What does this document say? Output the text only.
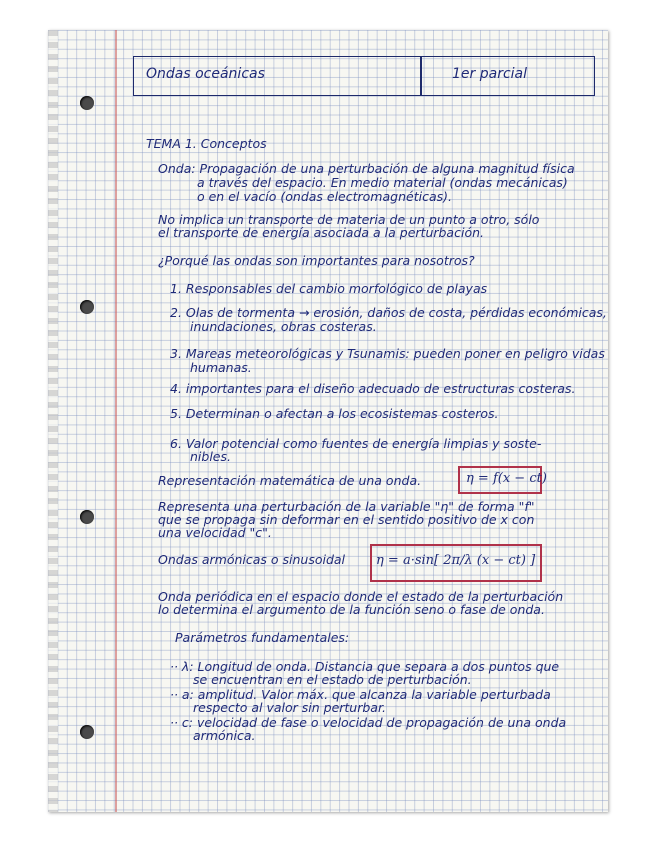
Ondas oceánicas	1er parcial
TEMA 1. Conceptos
Onda: Propagación de una perturbación de alguna magnitud física
a través del espacio. En medio material (ondas mecánicas)
o en el vacío (ondas electromagnéticas).
No implica un transporte de materia de un punto a otro, sólo
el transporte de energía asociada a la perturbación.
¿Porqué las ondas son importantes para nosotros?
1. Responsables del cambio morfológico de playas
2. Olas de tormenta → erosión, daños de costa, pérdidas económicas,
inundaciones, obras costeras.
3. Mareas meteorológicas y Tsunamis: pueden poner en peligro vidas
humanas.
4. importantes para el diseño adecuado de estructuras costeras.
5. Determinan o afectan a los ecosistemas costeros.
6. Valor potencial como fuentes de energía limpias y soste-
nibles.
Representación matemática de una onda.	η = f(x − ct)
Representa una perturbación de la variable "η" de forma "f"
que se propaga sin deformar en el sentido positivo de x con
una velocidad "c".
Ondas armónicas o sinusoidal η = a·sin[ 2π/λ (x − ct) ]
Onda periódica en el espacio donde el estado de la perturbación
lo determina el argumento de la función seno o fase de onda.
Parámetros fundamentales:
·· λ: Longitud de onda. Distancia que separa a dos puntos que
se encuentran en el estado de perturbación.
·· a: amplitud. Valor máx. que alcanza la variable perturbada
respecto al valor sin perturbar.
·· c: velocidad de fase o velocidad de propagación de una onda
armónica.
